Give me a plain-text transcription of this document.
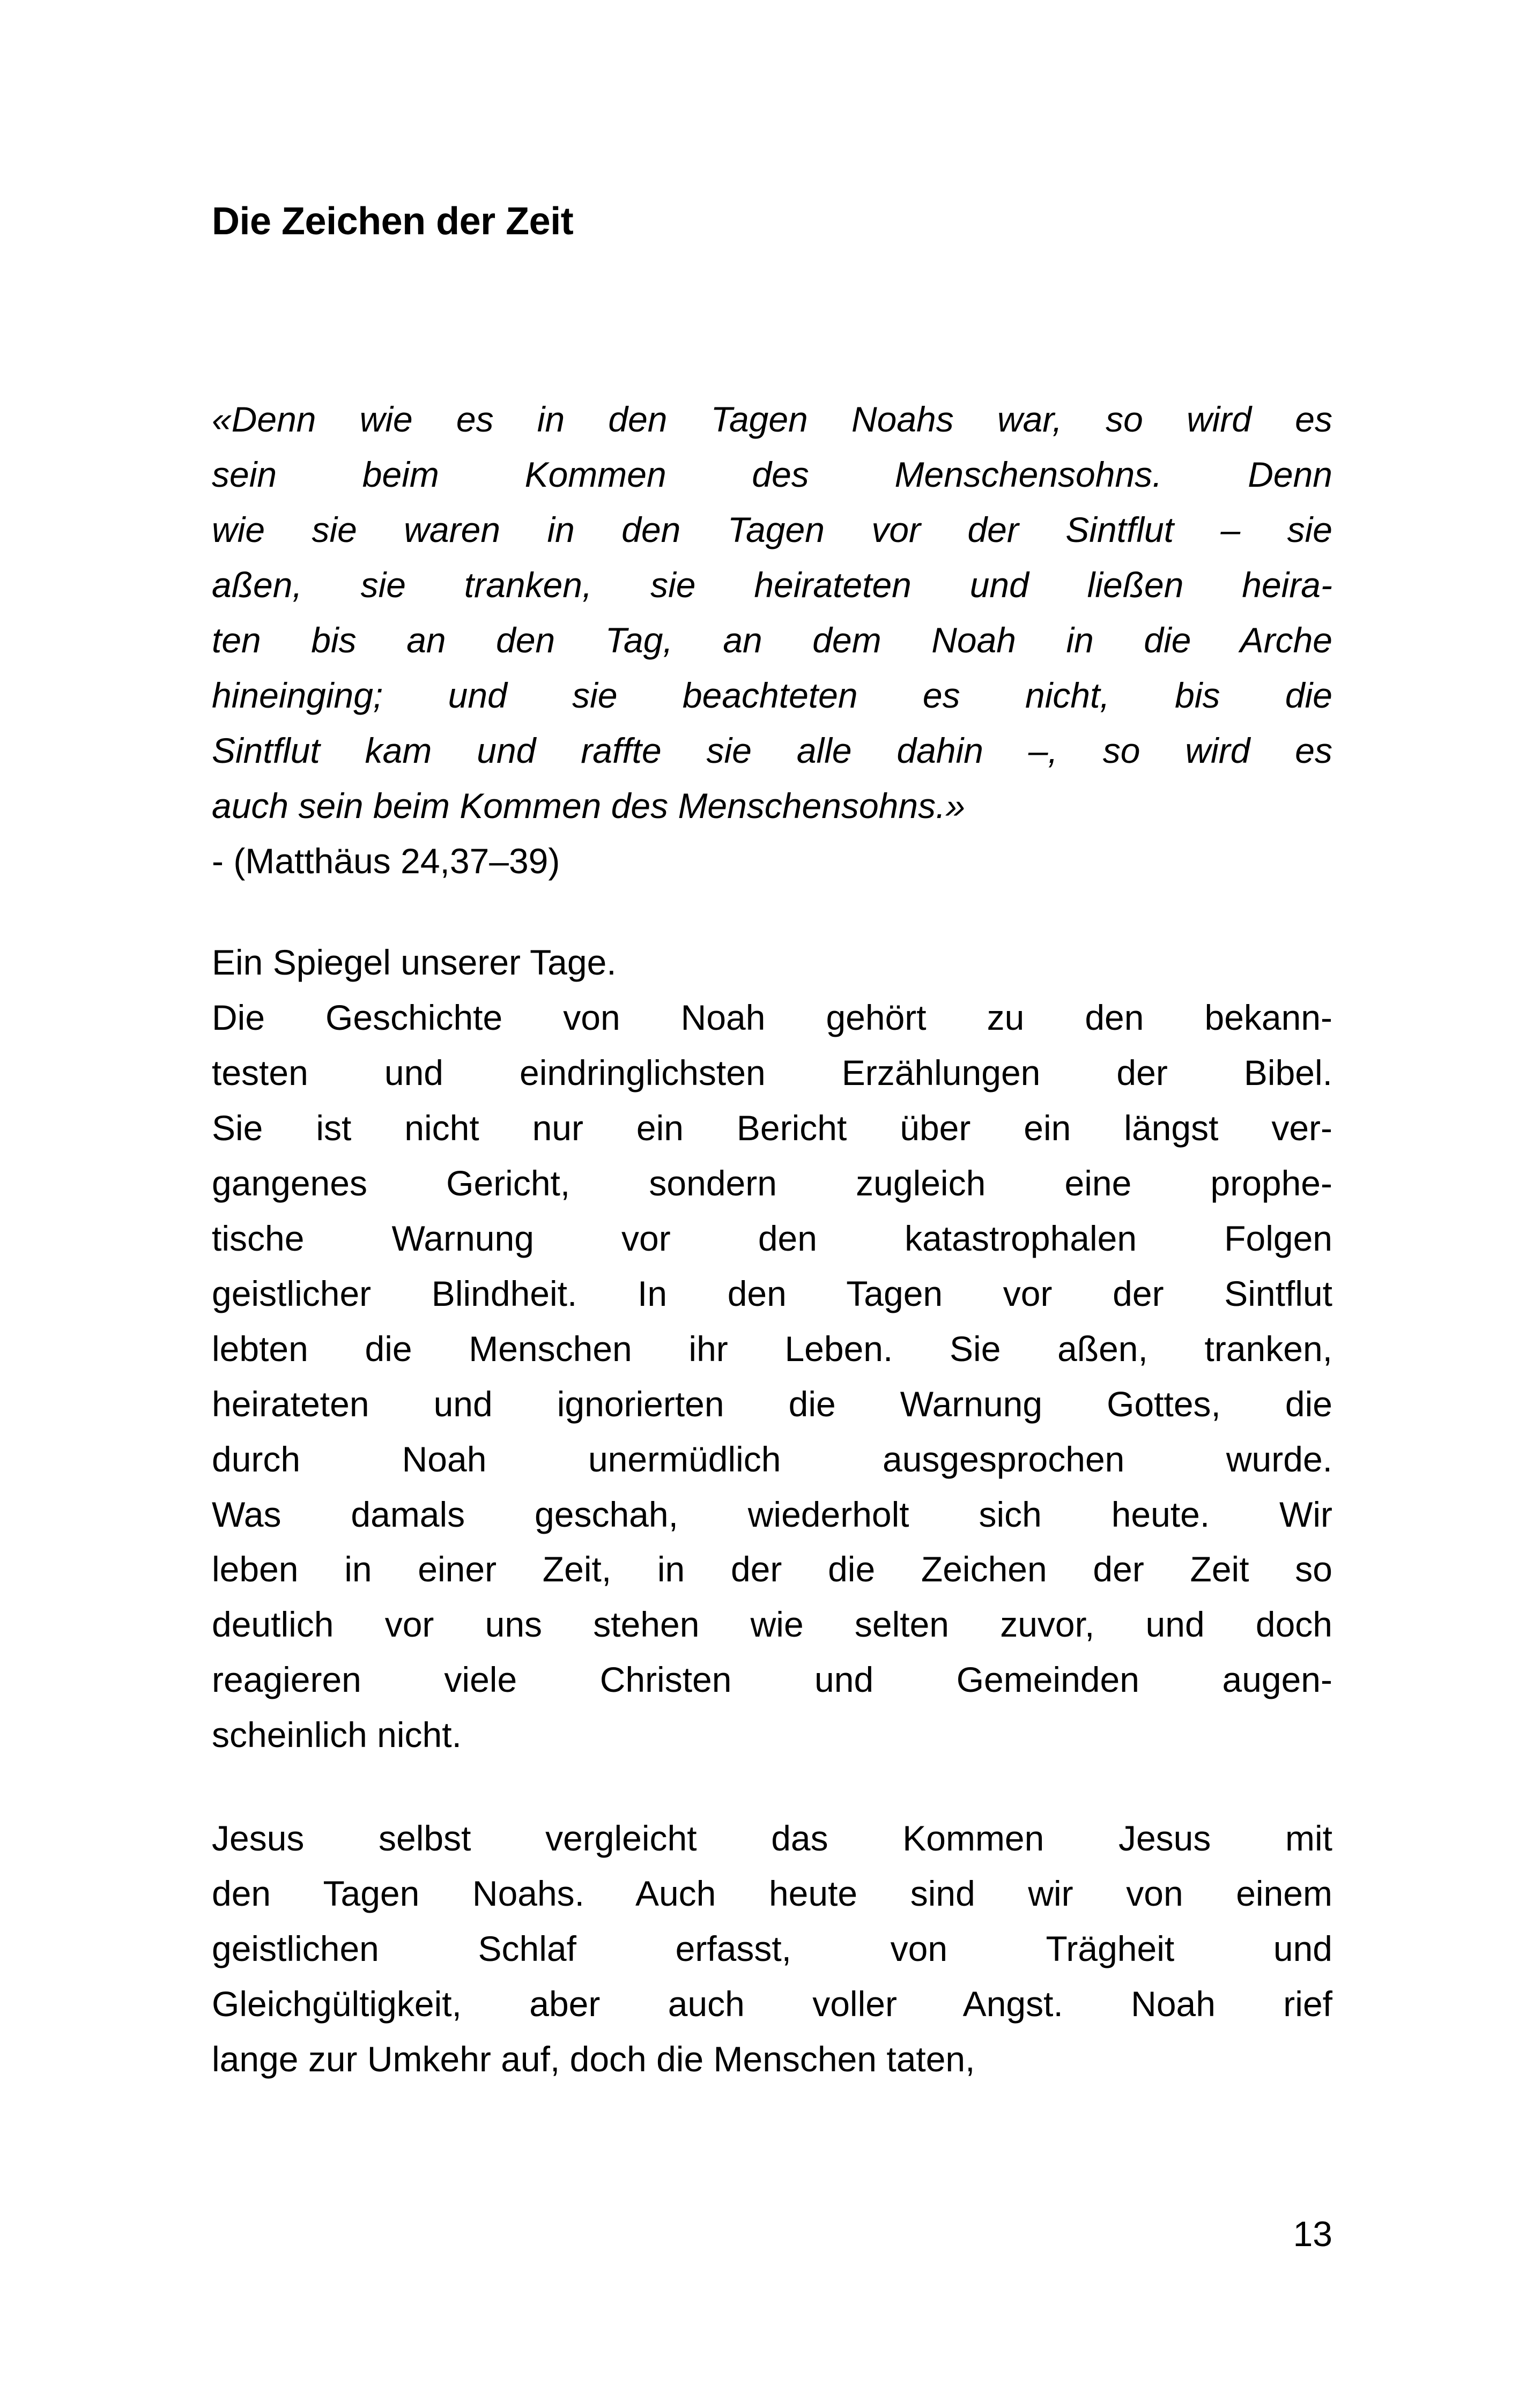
Die Zeichen der Zeit
«Denn wie es in den Tagen Noahs war, so wird es
sein beim Kommen des Menschensohns. Denn
wie sie waren in den Tagen vor der Sintflut – sie
aßen, sie tranken, sie heirateten und ließen heira-
ten bis an den Tag, an dem Noah in die Arche
hineinging; und sie beachteten es nicht, bis die
Sintflut kam und raffte sie alle dahin –, so wird es
auch sein beim Kommen des Menschensohns.»
- (Matthäus 24,37–39)
Ein Spiegel unserer Tage.
Die Geschichte von Noah gehört zu den bekann-
testen und eindringlichsten Erzählungen der Bibel.
Sie ist nicht nur ein Bericht über ein längst ver-
gangenes Gericht, sondern zugleich eine prophe-
tische Warnung vor den katastrophalen Folgen
geistlicher Blindheit. In den Tagen vor der Sintflut
lebten die Menschen ihr Leben. Sie aßen, tranken,
heirateten und ignorierten die Warnung Gottes, die
durch Noah unermüdlich ausgesprochen wurde.
Was damals geschah, wiederholt sich heute. Wir
leben in einer Zeit, in der die Zeichen der Zeit so
deutlich vor uns stehen wie selten zuvor, und doch
reagieren viele Christen und Gemeinden augen-
scheinlich nicht.
Jesus selbst vergleicht das Kommen Jesus mit
den Tagen Noahs. Auch heute sind wir von einem
geistlichen Schlaf erfasst, von Trägheit und
Gleichgültigkeit, aber auch voller Angst. Noah rief
lange zur Umkehr auf, doch die Menschen taten,
13
